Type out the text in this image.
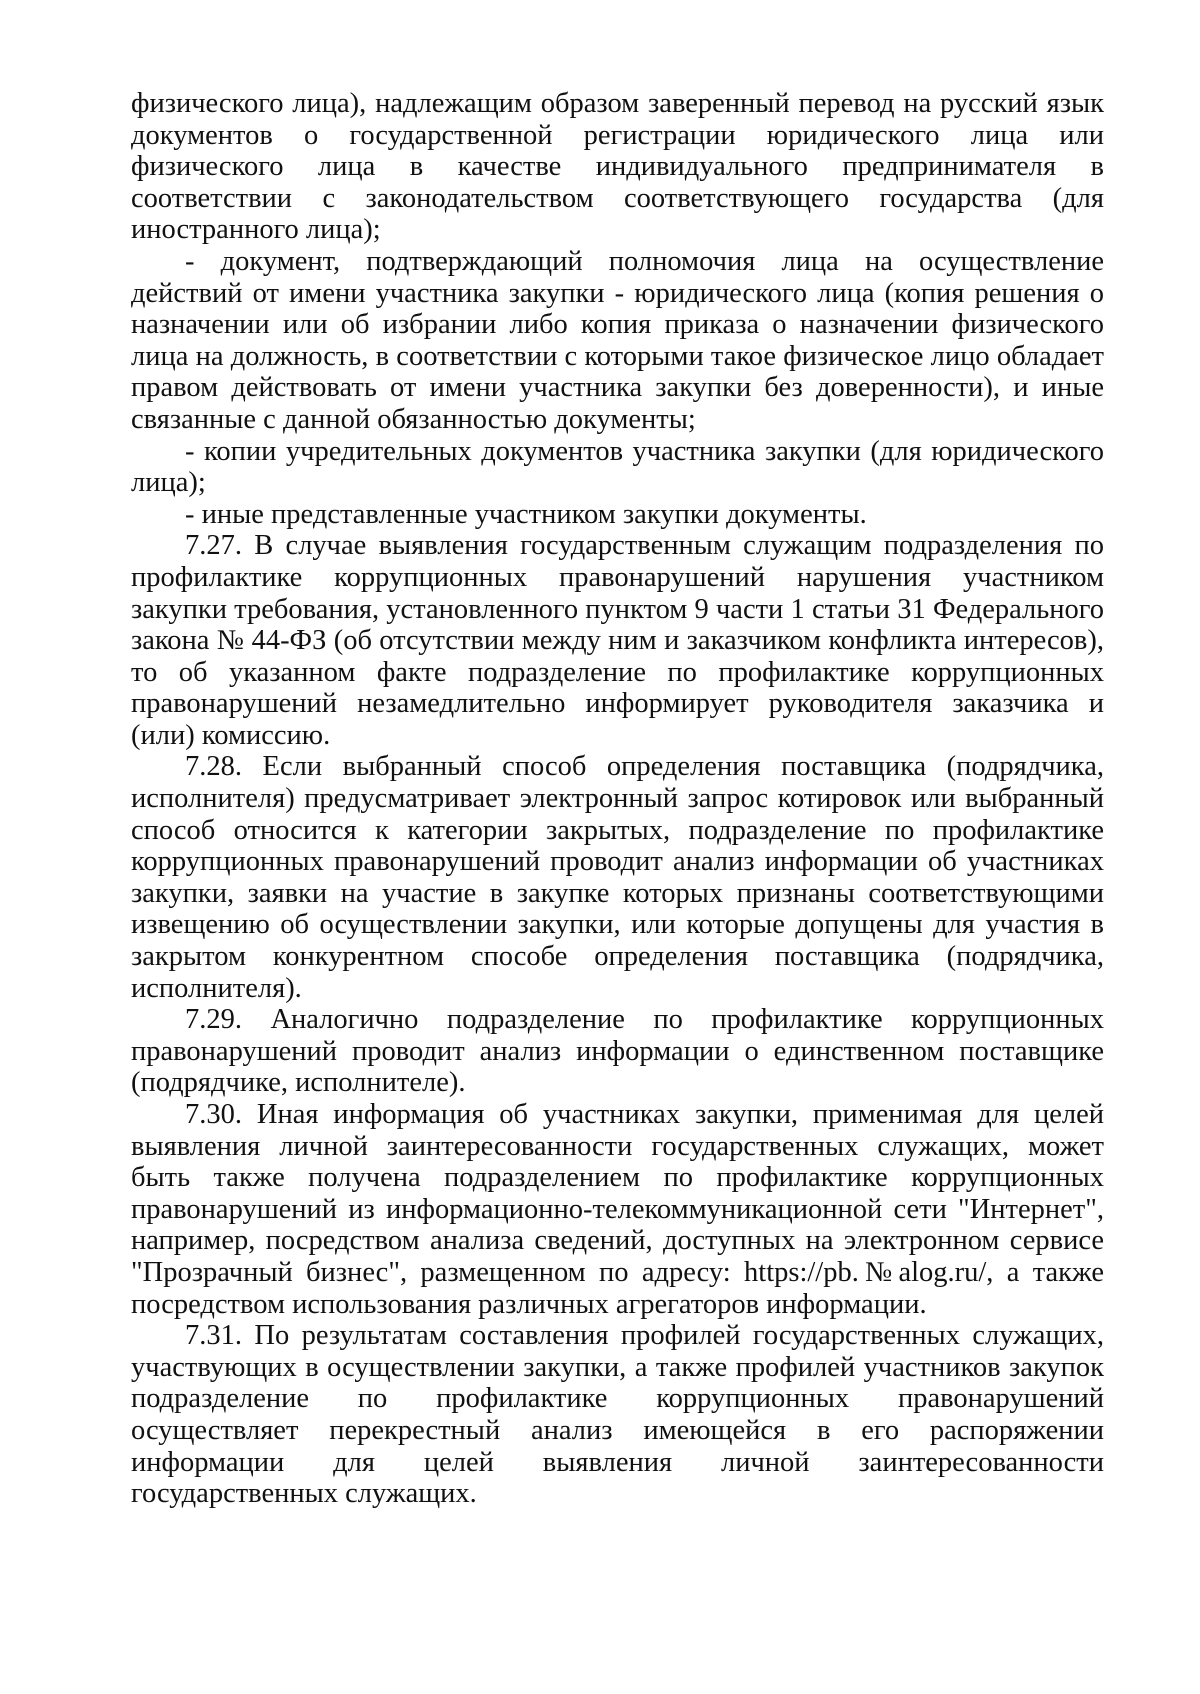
физического лица), надлежащим образом заверенный перевод на русский язык документов о государственной регистрации юридического лица или физического лица в качестве индивидуального предпринимателя в соответствии с законодательством соответствующего государства (для иностранного лица);

- документ, подтверждающий полномочия лица на осуществление действий от имени участника закупки - юридического лица (копия решения о назначении или об избрании либо копия приказа о назначении физического лица на должность, в соответствии с которыми такое физическое лицо обладает правом действовать от имени участника закупки без доверенности), и иные связанные с данной обязанностью документы;

- копии учредительных документов участника закупки (для юридического лица);

- иные представленные участником закупки документы.

7.27. В случае выявления государственным служащим подразделения по профилактике коррупционных правонарушений нарушения участником закупки требования, установленного пунктом 9 части 1 статьи 31 Федерального закона № 44-ФЗ (об отсутствии между ним и заказчиком конфликта интересов), то об указанном факте подразделение по профилактике коррупционных правонарушений незамедлительно информирует руководителя заказчика и (или) комиссию.

7.28. Если выбранный способ определения поставщика (подрядчика, исполнителя) предусматривает электронный запрос котировок или выбранный способ относится к категории закрытых, подразделение по профилактике коррупционных правонарушений проводит анализ информации об участниках закупки, заявки на участие в закупке которых признаны соответствующими извещению об осуществлении закупки, или которые допущены для участия в закрытом конкурентном способе определения поставщика (подрядчика, исполнителя).

7.29. Аналогично подразделение по профилактике коррупционных правонарушений проводит анализ информации о единственном поставщике (подрядчике, исполнителе).

7.30. Иная информация об участниках закупки, применимая для целей выявления личной заинтересованности государственных служащих, может быть также получена подразделением по профилактике коррупционных правонарушений из информационно-телекоммуникационной сети "Интернет", например, посредством анализа сведений, доступных на электронном сервисе "Прозрачный бизнес", размещенном по адресу: https://pb.№alog.ru/, а также посредством использования различных агрегаторов информации.

7.31. По результатам составления профилей государственных служащих, участвующих в осуществлении закупки, а также профилей участников закупок подразделение по профилактике коррупционных правонарушений осуществляет перекрестный анализ имеющейся в его распоряжении информации для целей выявления личной заинтересованности государственных служащих.
